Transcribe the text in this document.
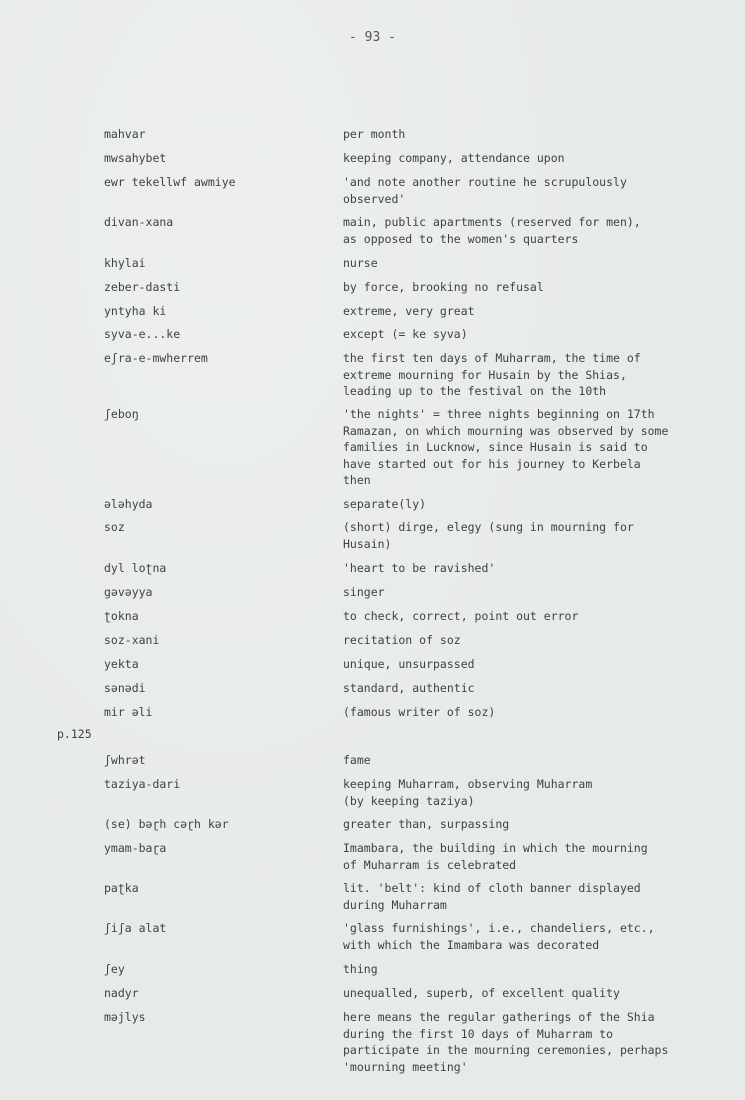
- 93 -
p.125
mahvar	per month
mwsahybet	keeping company, attendance upon
ewr tekellwf awmiye	'and note another routine he scrupulously
observed'
divan-xana	main, public apartments (reserved for men),
as opposed to the women's quarters
khylai	nurse
zeber-dasti	by force, brooking no refusal
yntyha ki	extreme, very great
syva-e...ke	except (= ke syva)
eʃra-e-mwherrem	the first ten days of Muharram, the time of
extreme mourning for Husain by the Shias,
leading up to the festival on the 10th
ʃeboŋ	'the nights' = three nights beginning on 17th
Ramazan, on which mourning was observed by some
families in Lucknow, since Husain is said to
have started out for his journey to Kerbela
then
ələhyda	separate(ly)
soz	(short) dirge, elegy (sung in mourning for
Husain)
dyl loʈna	'heart to be ravished'
gəvəyya	singer
ʈokna	to check, correct, point out error
soz-xani	recitation of soz
yekta	unique, unsurpassed
sənədi	standard, authentic
mir əli	(famous writer of soz)
ʃwhrət	fame
taziya-dari	keeping Muharram, observing Muharram
(by keeping taziya)
(se) bəɽh cəɽh kər	greater than, surpassing
ymam-baɽa	Imambara, the building in which the mourning
of Muharram is celebrated
paʈka	lit. 'belt': kind of cloth banner displayed
during Muharram
ʃiʃa alat	'glass furnishings', i.e., chandeliers, etc.,
with which the Imambara was decorated
ʃey	thing
nadyr	unequalled, superb, of excellent quality
məjlys	here means the regular gatherings of the Shia
during the first 10 days of Muharram to
participate in the mourning ceremonies, perhaps
'mourning meeting'
